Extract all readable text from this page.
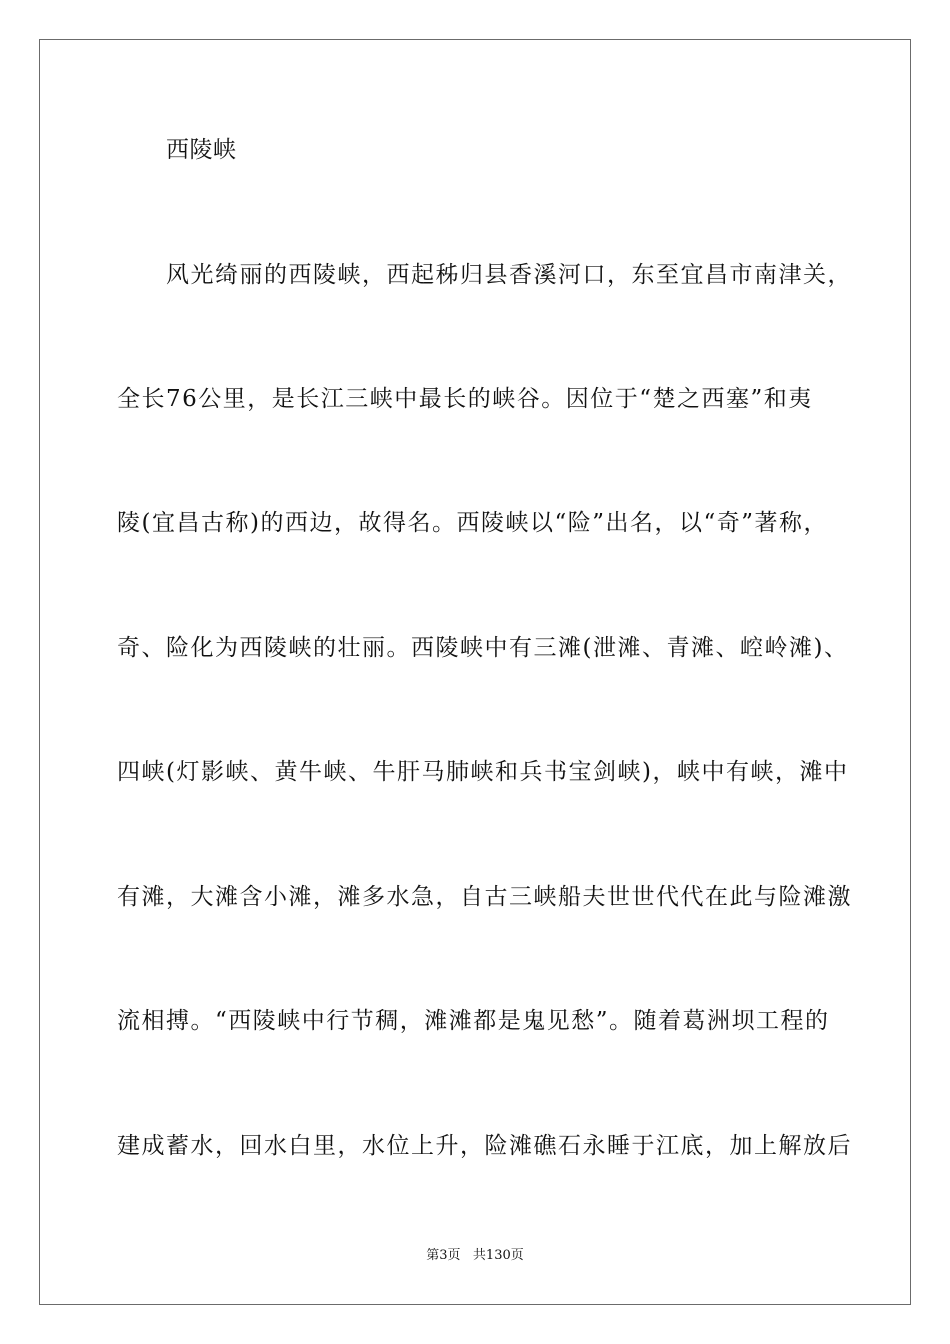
西陵峡
风光绮丽的西陵峡，西起秭归县香溪河口，东至宜昌市南津关，
全长76公里，是长江三峡中最长的峡谷。因位于“楚之西塞”和夷
陵(宜昌古称)的西边，故得名。西陵峡以“险”出名，以“奇”著称，
奇、险化为西陵峡的壮丽。西陵峡中有三滩(泄滩、青滩、崆岭滩)、
四峡(灯影峡、黄牛峡、牛肝马肺峡和兵书宝剑峡)，峡中有峡，滩中
有滩，大滩含小滩，滩多水急，自古三峡船夫世世代代在此与险滩激
流相搏。“西陵峡中行节稠，滩滩都是鬼见愁”。随着葛洲坝工程的
建成蓄水，回水白里，水位上升，险滩礁石永睡于江底，加上解放后
第3页   共130页
